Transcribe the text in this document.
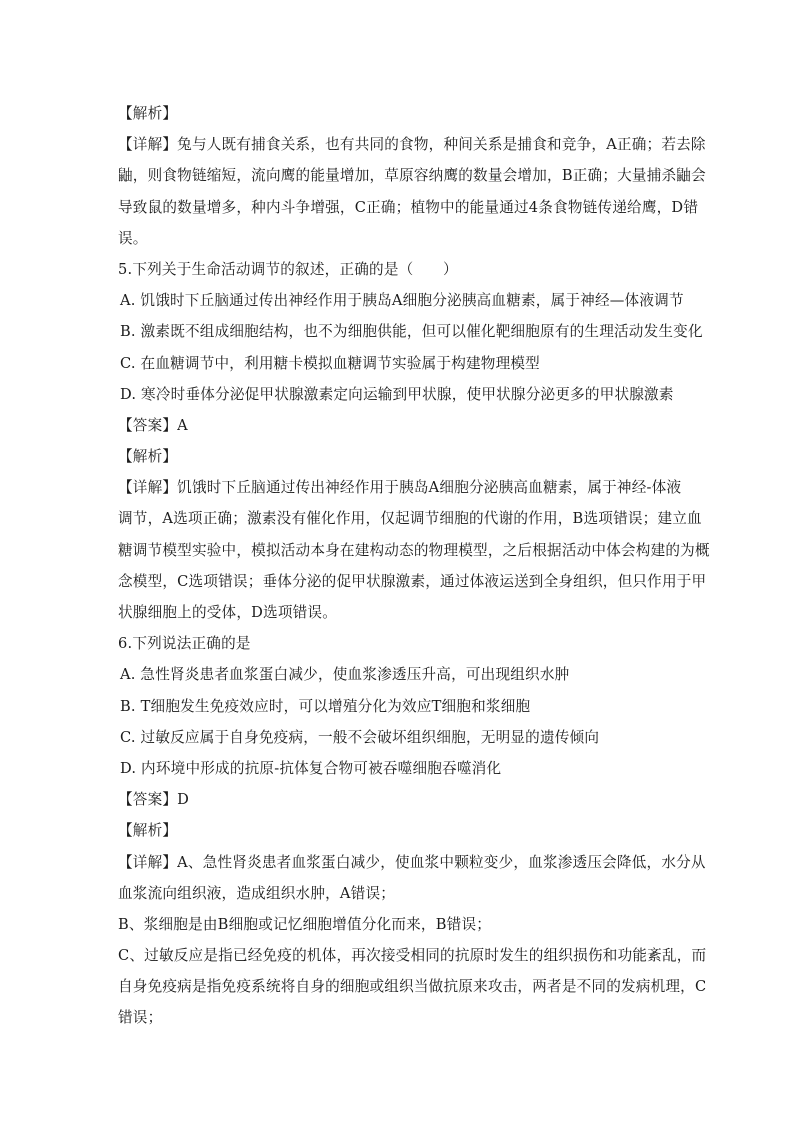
【解析】
【详解】兔与人既有捕食关系，也有共同的食物，种间关系是捕食和竞争，A正确；若去除
鼬，则食物链缩短，流向鹰的能量增加，草原容纳鹰的数量会增加，B正确；大量捕杀鼬会
导致鼠的数量增多，种内斗争增强，C正确；植物中的能量通过4条食物链传递给鹰，D错
误。
5.下列关于生命活动调节的叙述，正确的是（　　）
A. 饥饿时下丘脑通过传出神经作用于胰岛A细胞分泌胰高血糖素，属于神经—体液调节
B. 激素既不组成细胞结构，也不为细胞供能，但可以催化靶细胞原有的生理活动发生变化
C. 在血糖调节中，利用糖卡模拟血糖调节实验属于构建物理模型
D. 寒冷时垂体分泌促甲状腺激素定向运输到甲状腺，使甲状腺分泌更多的甲状腺激素
【答案】A
【解析】
【详解】饥饿时下丘脑通过传出神经作用于胰岛A细胞分泌胰高血糖素，属于神经-体液
调节，A选项正确；激素没有催化作用，仅起调节细胞的代谢的作用，B选项错误；建立血
糖调节模型实验中，模拟活动本身在建构动态的物理模型，之后根据活动中体会构建的为概
念模型，C选项错误；垂体分泌的促甲状腺激素，通过体液运送到全身组织，但只作用于甲
状腺细胞上的受体，D选项错误。
6.下列说法正确的是
A. 急性肾炎患者血浆蛋白减少，使血浆渗透压升高，可出现组织水肿
B. T细胞发生免疫效应时，可以增殖分化为效应T细胞和浆细胞
C. 过敏反应属于自身免疫病，一般不会破坏组织细胞，无明显的遗传倾向
D. 内环境中形成的抗原-抗体复合物可被吞噬细胞吞噬消化
【答案】D
【解析】
【详解】A、急性肾炎患者血浆蛋白减少，使血浆中颗粒变少，血浆渗透压会降低，水分从
血浆流向组织液，造成组织水肿，A错误；
B、浆细胞是由B细胞或记忆细胞增值分化而来，B错误；
C、过敏反应是指已经免疫的机体，再次接受相同的抗原时发生的组织损伤和功能紊乱，而
自身免疫病是指免疫系统将自身的细胞或组织当做抗原来攻击，两者是不同的发病机理，C
错误；
